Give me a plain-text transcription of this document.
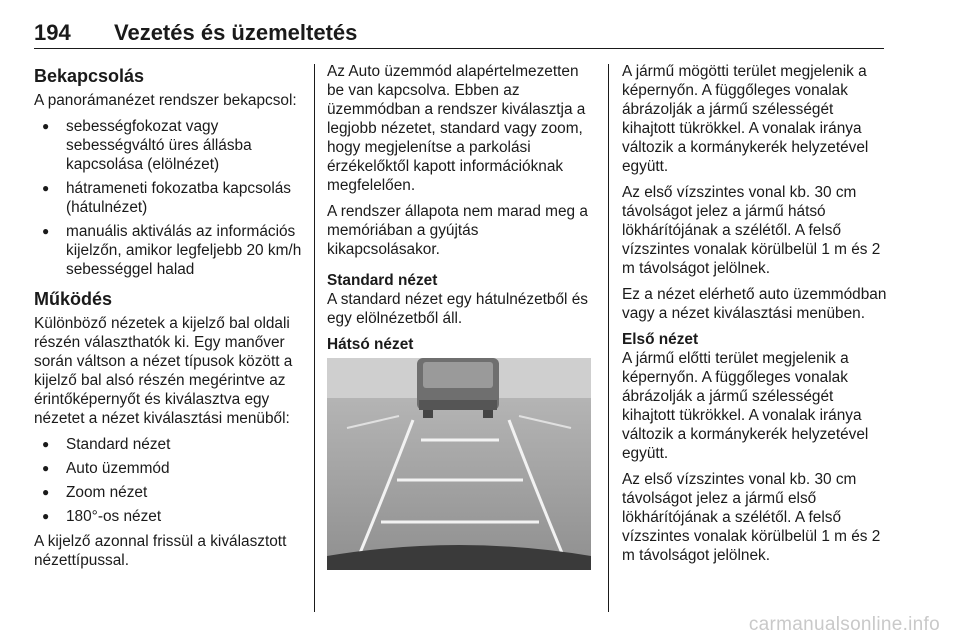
194 Vezetés és üzemeltetés
Bekapcsolás

A panorámanézet rendszer bekapcsol:

● sebességfokozat vagy sebességváltó üres állásba kapcsolása (elölnézet)
● hátrameneti fokozatba kapcsolás (hátulnézet)
● manuális aktiválás az információs kijelzőn, amikor legfeljebb 20 km/h sebességgel halad
Működés

Különböző nézetek a kijelző bal oldali részén választhatók ki. Egy manőver során váltson a nézet típusok között a kijelző bal alsó részén megérintve az érintőképernyőt és kiválasztva egy nézetet a nézet kiválasztási menüből:

● Standard nézet
● Auto üzemmód
● Zoom nézet
● 180°-os nézet

A kijelző azonnal frissül a kiválasztott nézettípussal.

Az Auto üzemmód alapértelmezetten be van kapcsolva. Ebben az üzemmódban a rendszer kiválasztja a legjobb nézetet, standard vagy zoom, hogy megjelenítse a parkolási érzékelőktől kapott információknak megfelelően.

A rendszer állapota nem marad meg a memóriában a gyújtás kikapcsolásakor.

Standard nézet

A standard nézet egy hátulnézetből és egy elölnézetből áll.

Hátsó nézet

A jármű mögötti terület megjelenik a képernyőn. A függőleges vonalak ábrázolják a jármű szélességét kihajtott tükrökkel. A vonalak iránya változik a kormánykerék helyzetével együtt.

Az első vízszintes vonal kb. 30 cm távolságot jelez a jármű hátsó lökhárítójának a szélétől. A felső vízszintes vonalak körülbelül 1 m és 2 m távolságot jelölnek.

Ez a nézet elérhető auto üzemmódban vagy a nézet kiválasztási menüben.

Első nézet

A jármű előtti terület megjelenik a képernyőn. A függőleges vonalak ábrázolják a jármű szélességét kihajtott tükrökkel. A vonalak iránya változik a kormánykerék helyzetével együtt.

Az első vízszintes vonal kb. 30 cm távolságot jelez a jármű első lökhárítójának a szélétől. A felső vízszintes vonalak körülbelül 1 m és 2 m távolságot jelölnek.

carmanualsonline.info
